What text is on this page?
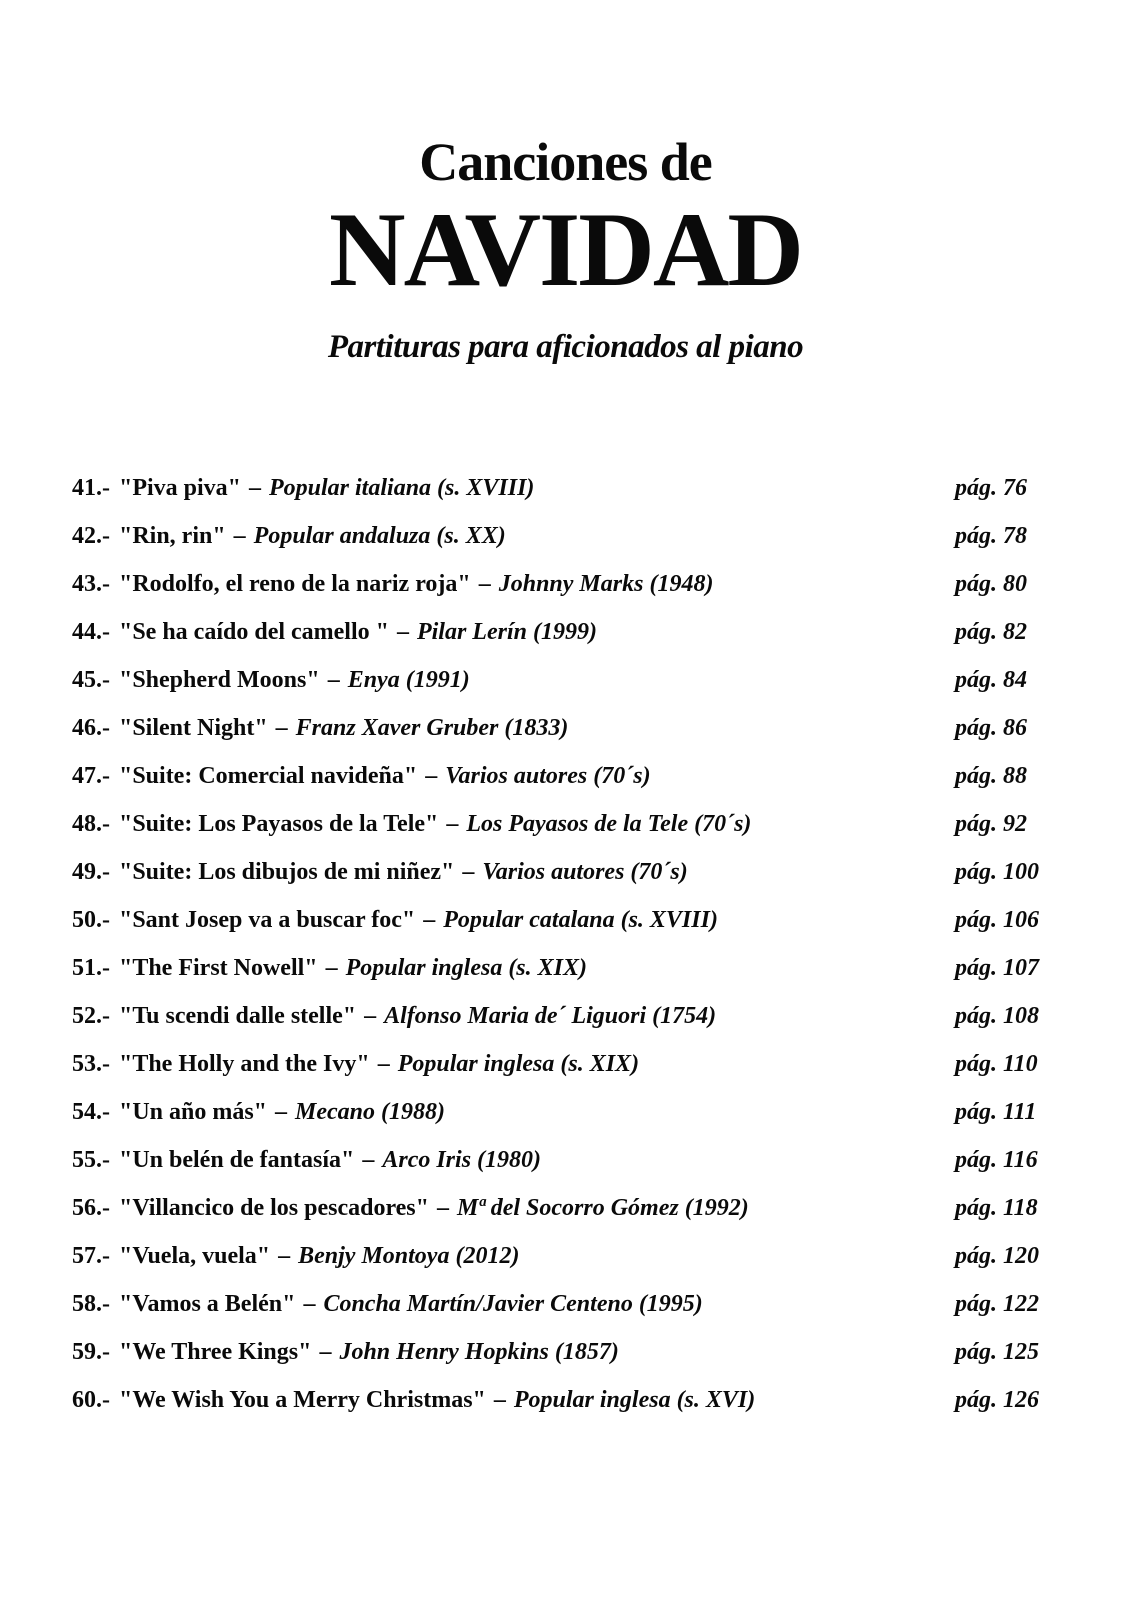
Canciones de
NAVIDAD
Partituras para aficionados al piano
41.- "Piva piva" – Popular italiana (s. XVIII)	pág. 76
42.- "Rin, rin" – Popular andaluza (s. XX)	pág. 78
43.- "Rodolfo, el reno de la nariz roja" – Johnny Marks (1948)	pág. 80
44.- "Se ha caído del camello " – Pilar Lerín (1999)	pág. 82
45.- "Shepherd Moons" – Enya (1991)	pág. 84
46.- "Silent Night" – Franz Xaver Gruber (1833)	pág. 86
47.- "Suite: Comercial navideña" – Varios autores (70´s)	pág. 88
48.- "Suite: Los Payasos de la Tele" – Los Payasos de la Tele (70´s)	pág. 92
49.- "Suite: Los dibujos de mi niñez" – Varios autores (70´s)	pág. 100
50.- "Sant Josep va a buscar foc" – Popular catalana (s. XVIII)	pág. 106
51.- "The First Nowell" – Popular inglesa (s. XIX)	pág. 107
52.- "Tu scendi dalle stelle" – Alfonso Maria de´ Liguori (1754)	pág. 108
53.- "The Holly and the Ivy" – Popular inglesa (s. XIX)	pág. 110
54.- "Un año más" – Mecano (1988)	pág. 111
55.- "Un belén de fantasía" – Arco Iris (1980)	pág. 116
56.- "Villancico de los pescadores" – Mª del Socorro Gómez (1992)	pág. 118
57.- "Vuela, vuela" – Benjy Montoya (2012)	pág. 120
58.- "Vamos a Belén" – Concha Martín/Javier Centeno (1995)	pág. 122
59.- "We Three Kings" – John Henry Hopkins (1857)	pág. 125
60.- "We Wish You a Merry Christmas" – Popular inglesa (s. XVI)	pág. 126
